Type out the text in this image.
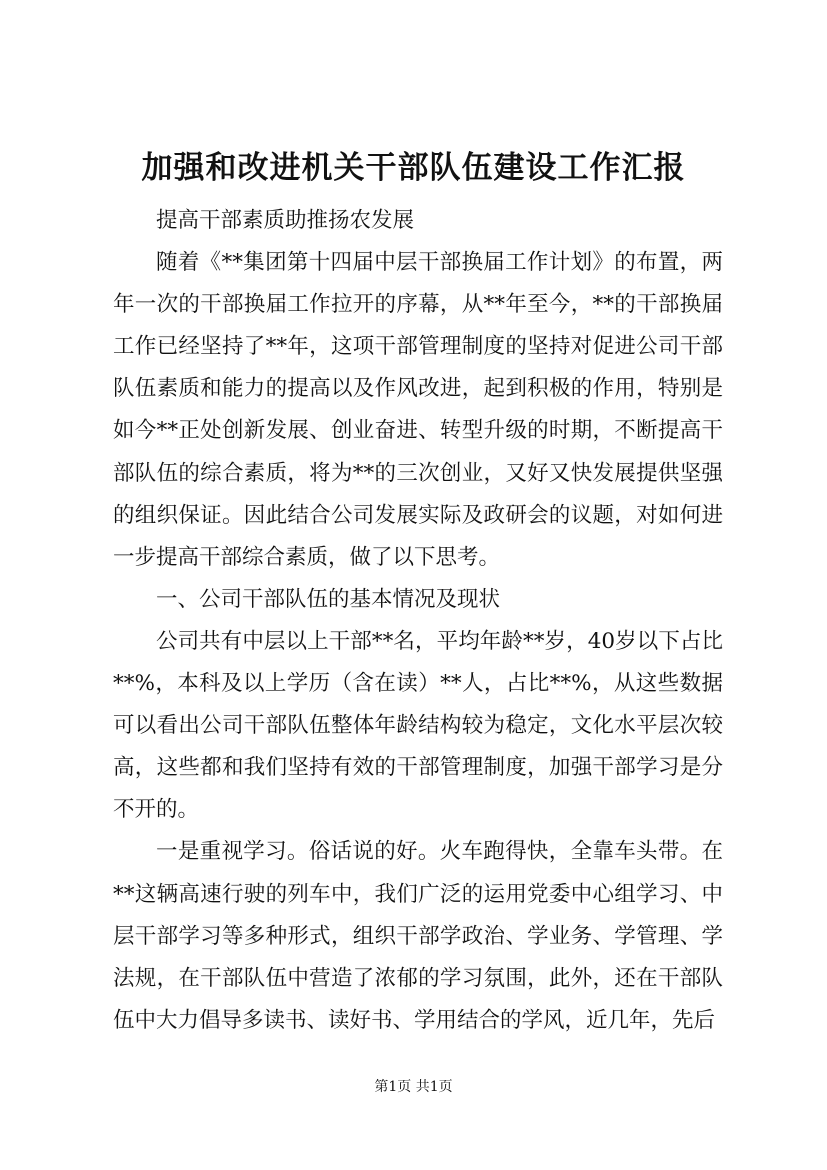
加强和改进机关干部队伍建设工作汇报

提高干部素质助推扬农发展

随着《**集团第十四届中层干部换届工作计划》的布置，两年一次的干部换届工作拉开的序幕，从**年至今，**的干部换届工作已经坚持了**年，这项干部管理制度的坚持对促进公司干部队伍素质和能力的提高以及作风改进，起到积极的作用，特别是如今**正处创新发展、创业奋进、转型升级的时期，不断提高干部队伍的综合素质，将为**的三次创业，又好又快发展提供坚强的组织保证。因此结合公司发展实际及政研会的议题，对如何进一步提高干部综合素质，做了以下思考。

一、公司干部队伍的基本情况及现状

公司共有中层以上干部**名，平均年龄**岁，40岁以下占比**%，本科及以上学历（含在读）**人，占比**%，从这些数据可以看出公司干部队伍整体年龄结构较为稳定，文化水平层次较高，这些都和我们坚持有效的干部管理制度，加强干部学习是分不开的。

一是重视学习。俗话说的好。火车跑得快，全靠车头带。在**这辆高速行驶的列车中，我们广泛的运用党委中心组学习、中层干部学习等多种形式，组织干部学政治、学业务、学管理、学法规，在干部队伍中营造了浓郁的学习氛围，此外，还在干部队伍中大力倡导多读书、读好书、学用结合的学风，近几年，先后

第1页 共1页
